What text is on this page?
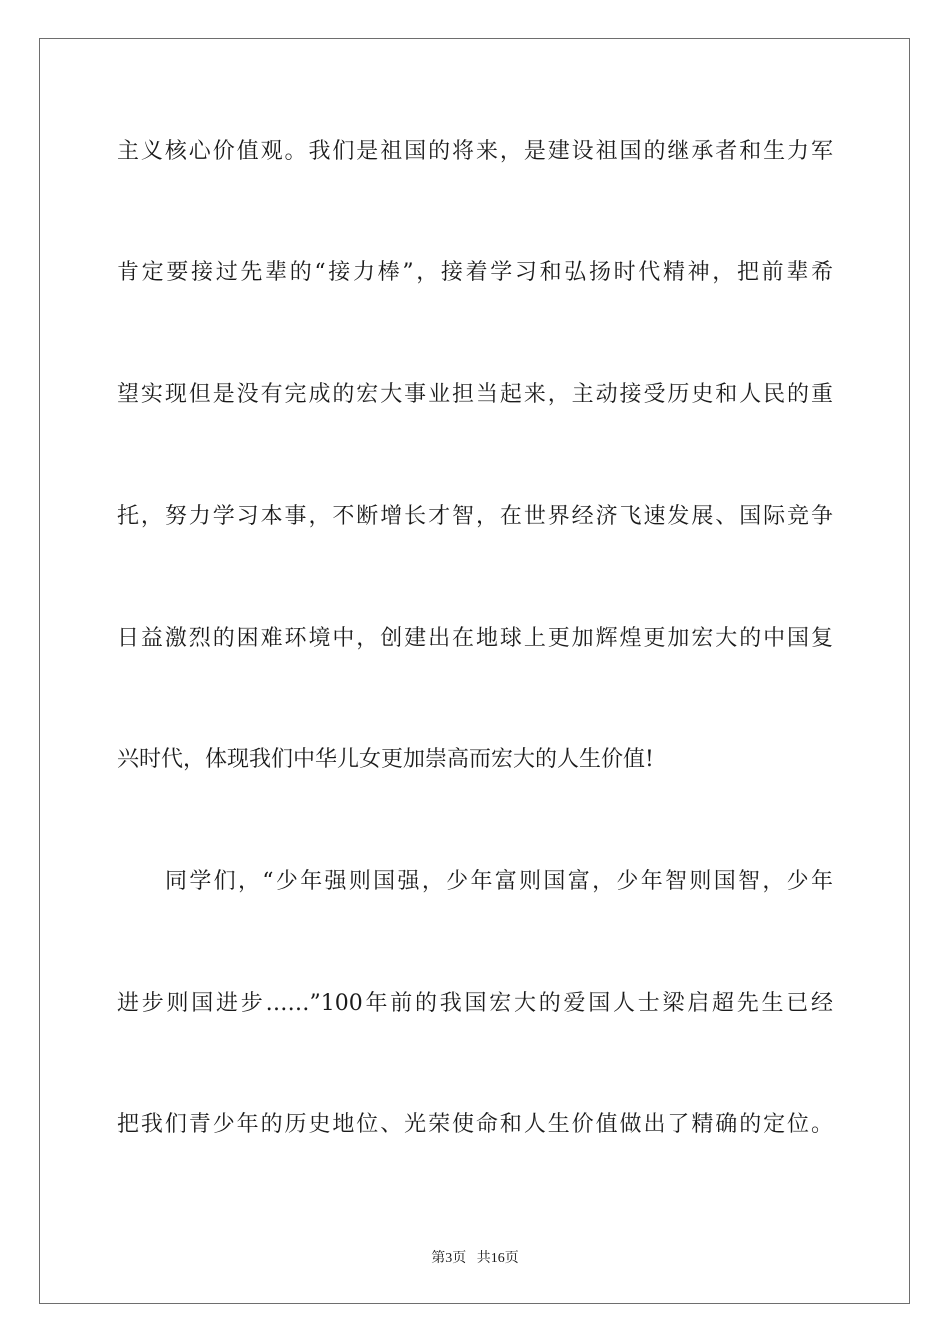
主义核心价值观。我们是祖国的将来，是建设祖国的继承者和生力军
肯定要接过先辈的“接力棒”，接着学习和弘扬时代精神，把前辈希
望实现但是没有完成的宏大事业担当起来，主动接受历史和人民的重
托，努力学习本事，不断增长才智，在世界经济飞速发展、国际竞争
日益激烈的困难环境中，创建出在地球上更加辉煌更加宏大的中国复
兴时代，体现我们中华儿女更加崇高而宏大的人生价值!
同学们，“少年强则国强，少年富则国富，少年智则国智，少年
进步则国进步……”100年前的我国宏大的爱国人士梁启超先生已经
把我们青少年的历史地位、光荣使命和人生价值做出了精确的定位。
第3页   共16页
